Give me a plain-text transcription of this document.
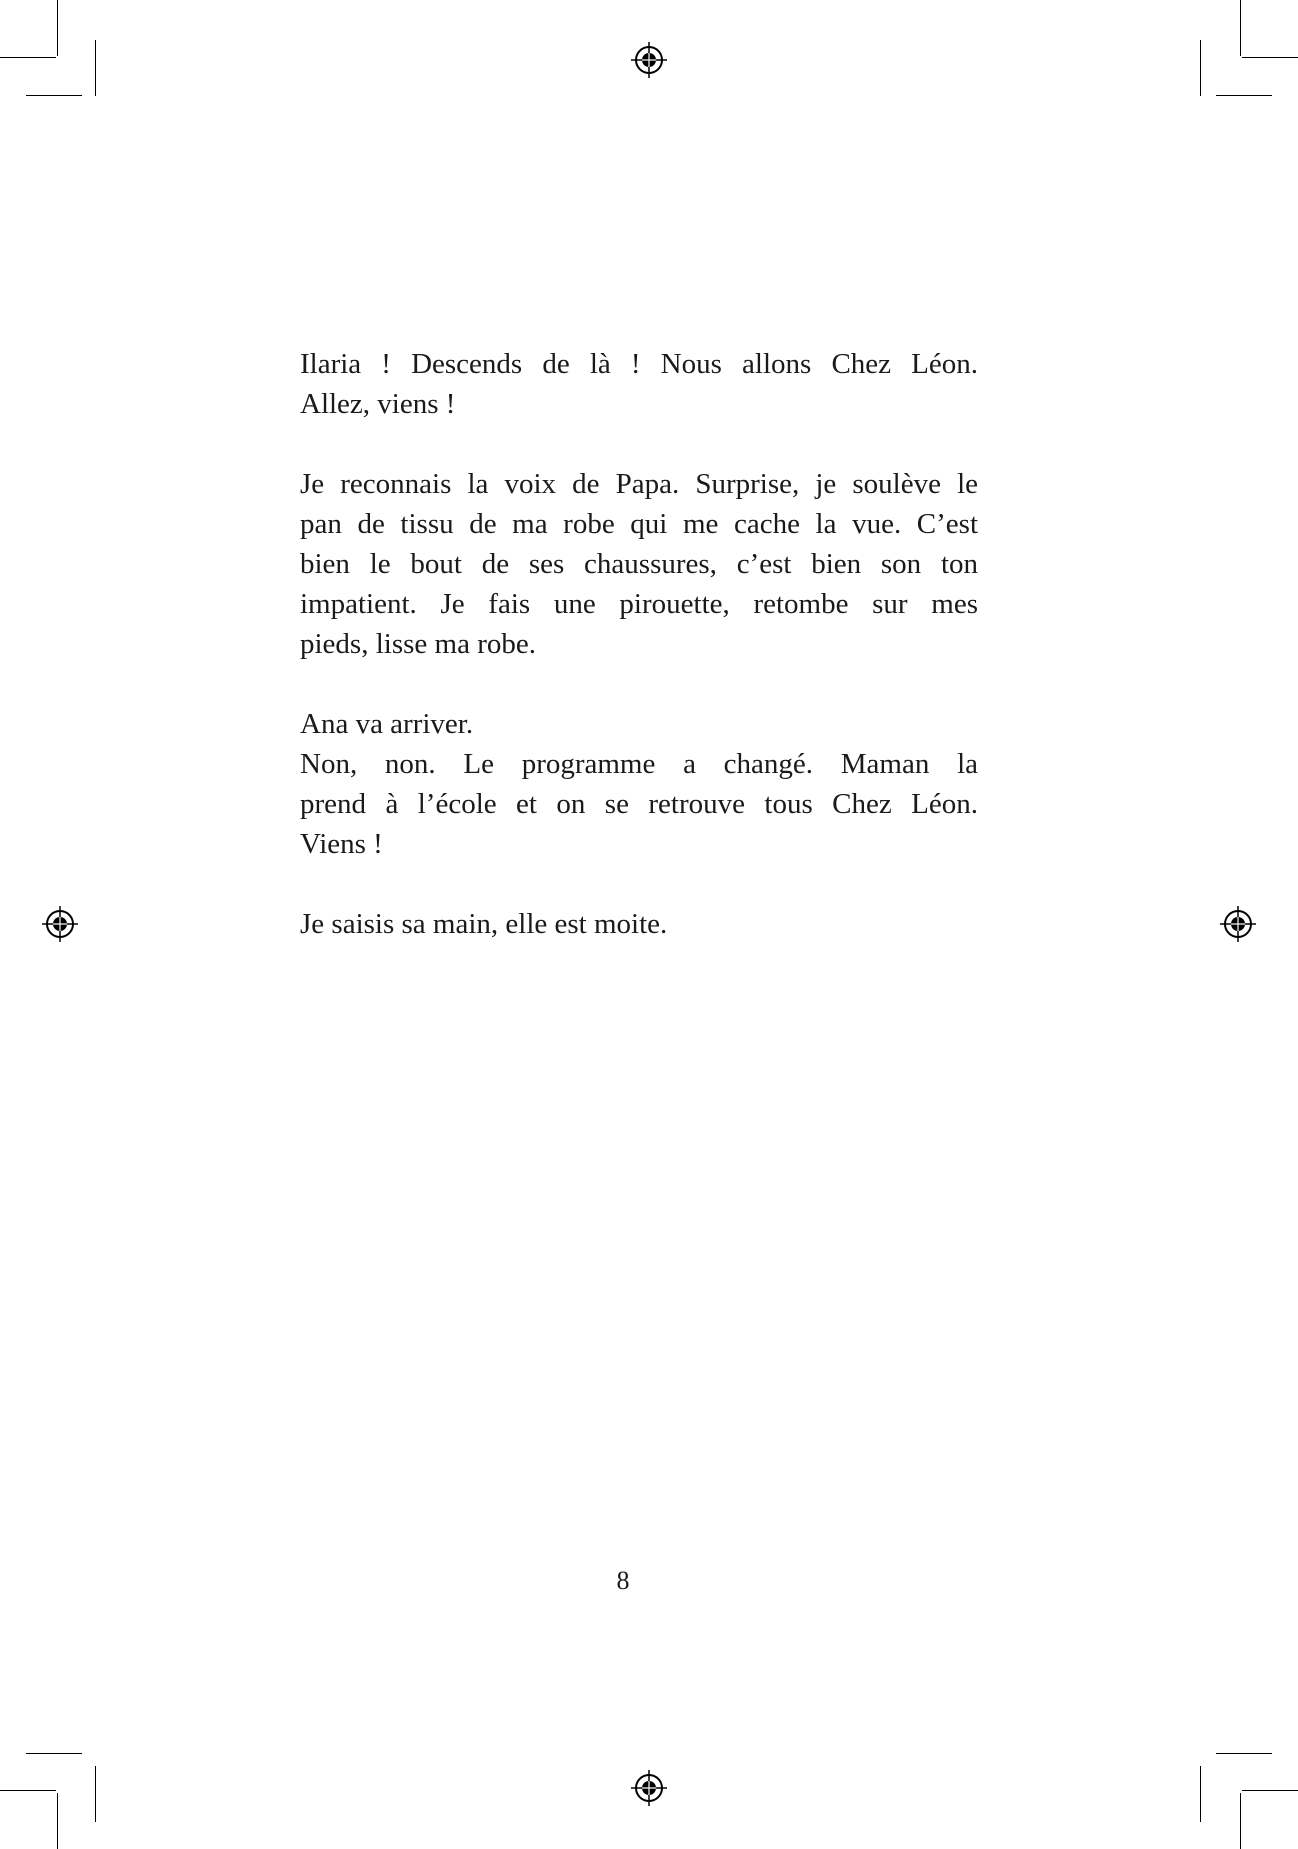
Ilaria ! Descends de là ! Nous allons Chez Léon.
Allez, viens !

Je reconnais la voix de Papa. Surprise, je soulève le
pan de tissu de ma robe qui me cache la vue. C’est
bien le bout de ses chaussures, c’est bien son ton
impatient. Je fais une pirouette, retombe sur mes
pieds, lisse ma robe.

Ana va arriver.
Non, non. Le programme a changé. Maman la
prend à l’école et on se retrouve tous Chez Léon.
Viens !

Je saisis sa main, elle est moite.

8
